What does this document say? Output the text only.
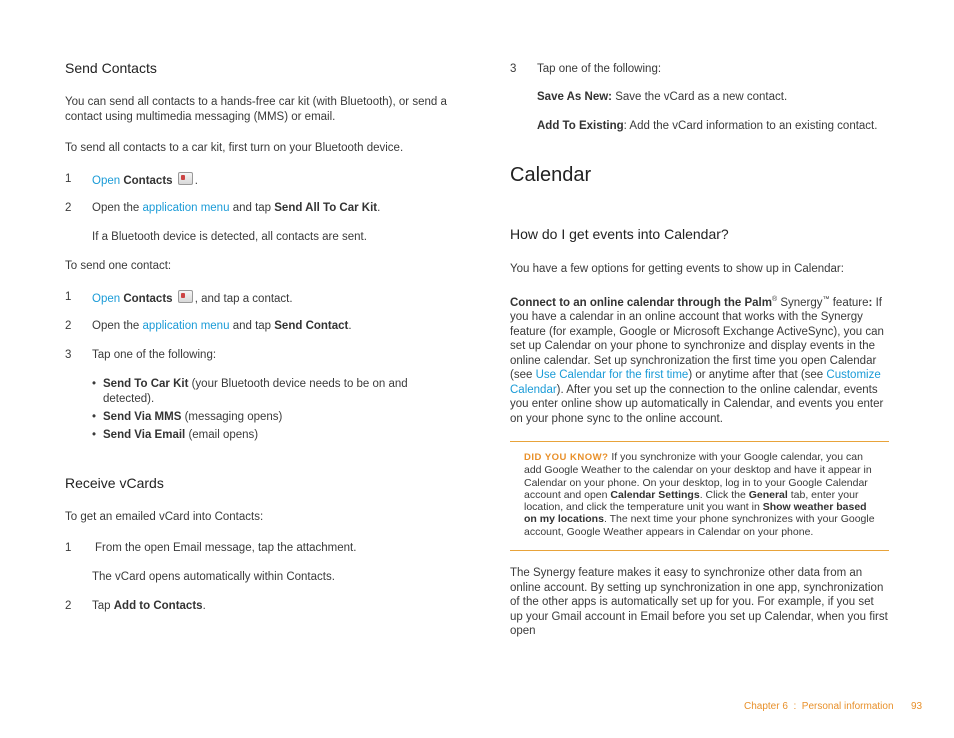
Send Contacts
You can send all contacts to a hands-free car kit (with Bluetooth), or send a contact using multimedia messaging (MMS) or email.
To send all contacts to a car kit, first turn on your Bluetooth device.
1 Open Contacts .
2 Open the application menu and tap Send All To Car Kit.
If a Bluetooth device is detected, all contacts are sent.
To send one contact:
1 Open Contacts , and tap a contact.
2 Open the application menu and tap Send Contact.
3 Tap one of the following:
• Send To Car Kit (your Bluetooth device needs to be on and detected).
• Send Via MMS (messaging opens)
• Send Via Email (email opens)
Receive vCards
To get an emailed vCard into Contacts:
1 From the open Email message, tap the attachment.
The vCard opens automatically within Contacts.
2 Tap Add to Contacts.
3 Tap one of the following:
Save As New: Save the vCard as a new contact.
Add To Existing: Add the vCard information to an existing contact.
Calendar
How do I get events into Calendar?
You have a few options for getting events to show up in Calendar:
Connect to an online calendar through the Palm® Synergy™ feature: If you have a calendar in an online account that works with the Synergy feature (for example, Google or Microsoft Exchange ActiveSync), you can set up Calendar on your phone to synchronize and display events in the online calendar. Set up synchronization the first time you open Calendar (see Use Calendar for the first time) or anytime after that (see Customize Calendar). After you set up the connection to the online calendar, events you enter online show up automatically in Calendar, and events you enter on your phone sync to the online account.
DID YOU KNOW? If you synchronize with your Google calendar, you can add Google Weather to the calendar on your desktop and have it appear in Calendar on your phone. On your desktop, log in to your Google Calendar account and open Calendar Settings. Click the General tab, enter your location, and click the temperature unit you want in Show weather based on my locations. The next time your phone synchronizes with your Google account, Google Weather appears in Calendar on your phone.
The Synergy feature makes it easy to synchronize other data from an online account. By setting up synchronization in one app, synchronization of the other apps is automatically set up for you. For example, if you set up your Gmail account in Email before you set up Calendar, when you first open
Chapter 6  :  Personal information 93
